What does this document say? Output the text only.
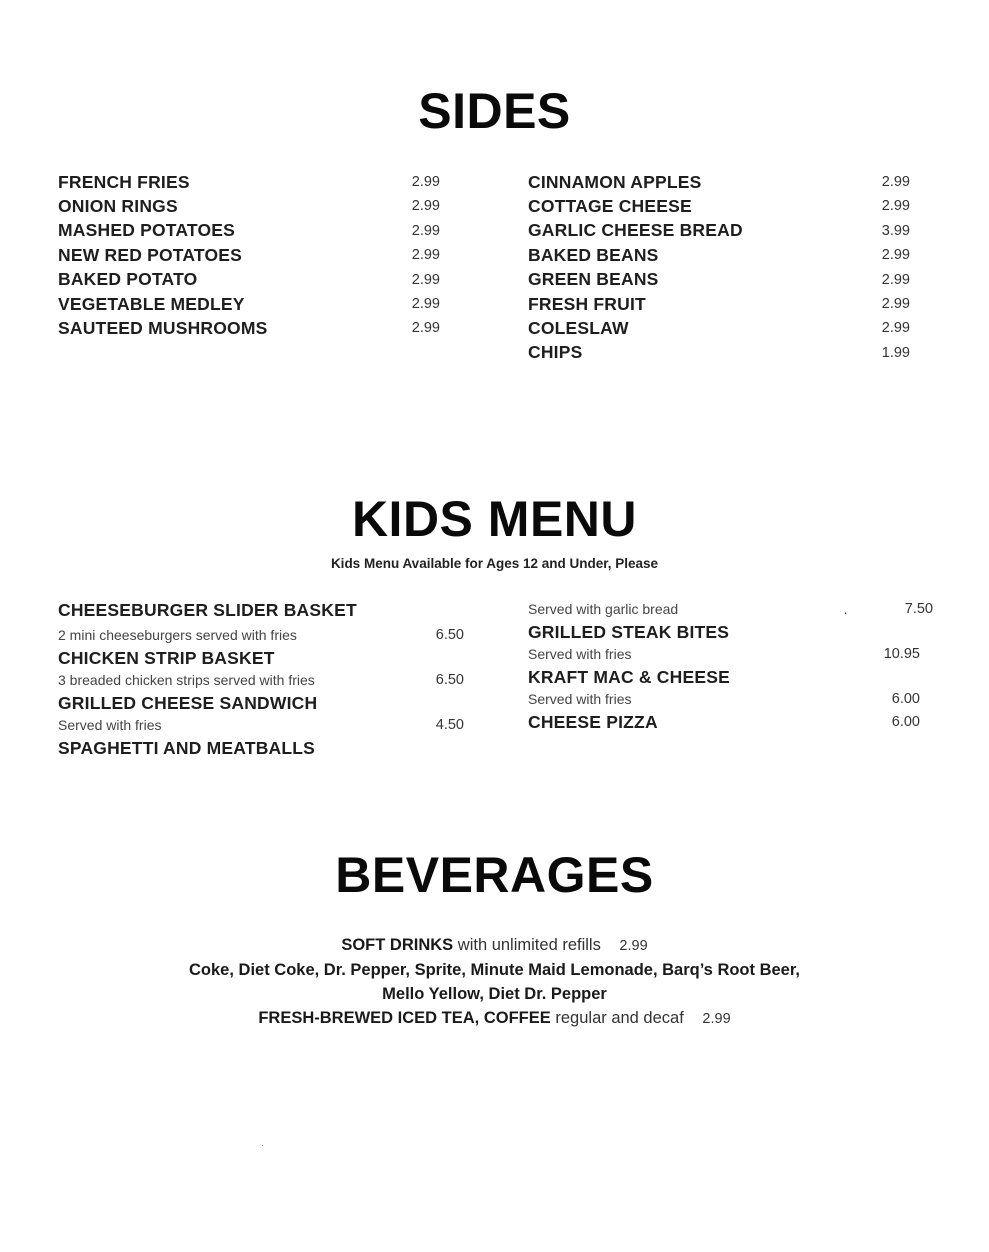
SIDES
FRENCH FRIES	2.99
ONION RINGS	2.99
MASHED POTATOES	2.99
NEW RED POTATOES	2.99
BAKED POTATO	2.99
VEGETABLE MEDLEY	2.99
SAUTEED MUSHROOMS	2.99
CINNAMON APPLES	2.99
COTTAGE CHEESE	2.99
GARLIC CHEESE BREAD	3.99
BAKED BEANS	2.99
GREEN BEANS	2.99
FRESH FRUIT	2.99
COLESLAW	2.99
CHIPS	1.99
KIDS MENU
Kids Menu Available for Ages 12 and Under, Please
CHEESEBURGER SLIDER BASKET
2 mini cheeseburgers served with fries	6.50
CHICKEN STRIP BASKET
3 breaded chicken strips served with fries	6.50
GRILLED CHEESE SANDWICH
Served with fries	4.50
SPAGHETTI AND MEATBALLS
Served with garlic bread	.	7.50
GRILLED STEAK BITES
Served with fries	10.95
KRAFT MAC & CHEESE
Served with fries	6.00
CHEESE PIZZA	6.00
BEVERAGES
SOFT DRINKS with unlimited refills 2.99
Coke, Diet Coke, Dr. Pepper, Sprite, Minute Maid Lemonade, Barq’s Root Beer,
Mello Yellow, Diet Dr. Pepper
FRESH-BREWED ICED TEA, COFFEE regular and decaf 2.99
.
